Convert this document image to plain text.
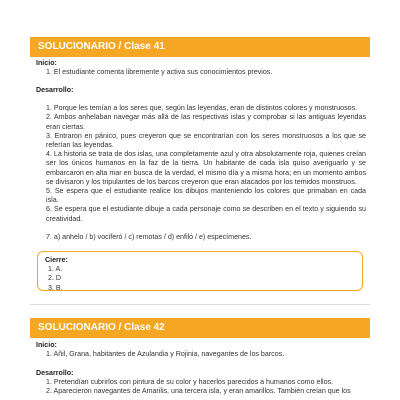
SOLUCIONARIO / Clase 41
Inicio:
1. El estudiante comenta libremente y activa sus conocimientos previos.
Desarrollo:
1. Porque les temían a los seres que, según las leyendas, eran de distintos colores y monstruosos.
2. Ambos anhelaban navegar más allá de las respectivas islas y comprobar si las antiguas leyendas eran ciertas.
3. Entraron en pánico, pues creyeron que se encontrarían con los seres monstruosos a los que se referían las leyendas.
4. La historia se trata de dos islas, una completamente azul y otra absolutamente roja, quienes creían ser los únicos humanos en la faz de la tierra. Un habitante de cada isla quiso averiguarlo y se embarcaron en alta mar en busca de la verdad, el mismo día y a misma hora; en un momento ambos se divisaron y los tripulantes de los barcos creyeron que eran atacados por los temidos monstruos.
5. Se espera que el estudiante realice los dibujos manteniendo los colores que primaban en cada isla.
6. Se espera que el estudiante dibuje a cada personaje como se describen en el texto y siguiendo su creatividad.
7. a) anhelo / b) vociferó / c) remotas / d) enfiló / e) especímenes.
Cierre:
1. A.
2. D
3. B.
SOLUCIONARIO / Clase 42
Inicio:
1. Añil, Grana, habitantes de Azulandia y Rojinia, navegantes de los barcos.
Desarrollo:
1. Pretendían cubrirlos con pintura de su color y hacerlos parecidos a humanos como ellos.
2. Aparecieron navegantes de Amarilis, una tercera isla, y eran amarillos. También creían que los
